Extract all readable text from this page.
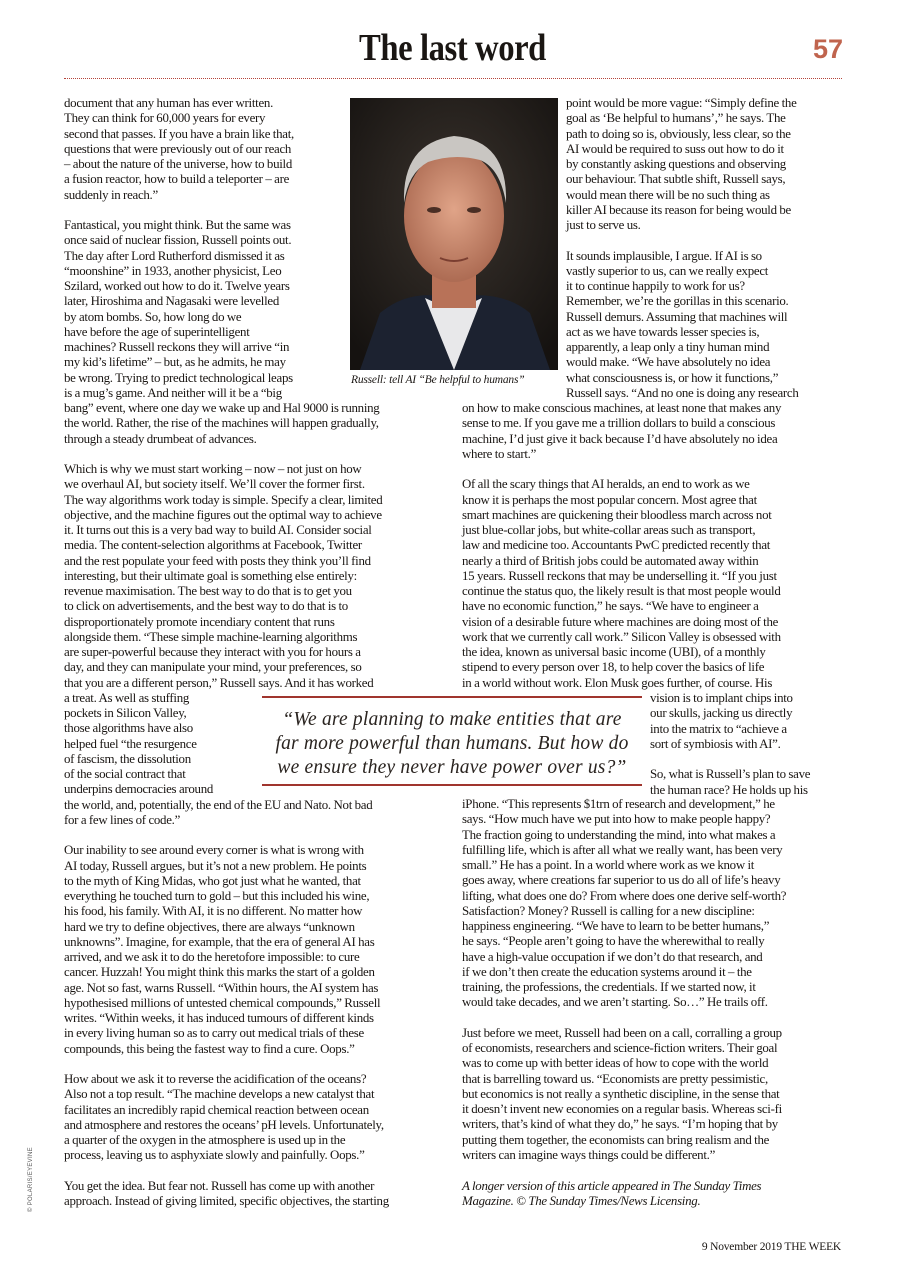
The last word	57
document that any human has ever written.
They can think for 60,000 years for every
second that passes. If you have a brain like that,
questions that were previously out of our reach
– about the nature of the universe, how to build
a fusion reactor, how to build a teleporter – are
suddenly in reach.”

Fantastical, you might think. But the same was
once said of nuclear fission, Russell points out.
The day after Lord Rutherford dismissed it as
“moonshine” in 1933, another physicist, Leo
Szilard, worked out how to do it. Twelve years
later, Hiroshima and Nagasaki were levelled
by atom bombs. So, how long do we
have before the age of superintelligent
machines? Russell reckons they will arrive “in
my kid’s lifetime” – but, as he admits, he may
be wrong. Trying to predict technological leaps
is a mug’s game. And neither will it be a “big
bang” event, where one day we wake up and Hal 9000 is running
the world. Rather, the rise of the machines will happen gradually,
through a steady drumbeat of advances.

Which is why we must start working – now – not just on how
we overhaul AI, but society itself. We’ll cover the former first.
The way algorithms work today is simple. Specify a clear, limited
objective, and the machine figures out the optimal way to achieve
it. It turns out this is a very bad way to build AI. Consider social
media. The content-selection algorithms at Facebook, Twitter
and the rest populate your feed with posts they think you’ll find
interesting, but their ultimate goal is something else entirely:
revenue maximisation. The best way to do that is to get you
to click on advertisements, and the best way to do that is to
disproportionately promote incendiary content that runs
alongside them. “These simple machine-learning algorithms
are super-powerful because they interact with you for hours a
day, and they can manipulate your mind, your preferences, so
that you are a different person,” Russell says. And it has worked
a treat. As well as stuffing
pockets in Silicon Valley,
those algorithms have also
helped fuel “the resurgence
of fascism, the dissolution
of the social contract that
underpins democracies around
the world, and, potentially, the end of the EU and Nato. Not bad
for a few lines of code.”

Our inability to see around every corner is what is wrong with
AI today, Russell argues, but it’s not a new problem. He points
to the myth of King Midas, who got just what he wanted, that
everything he touched turn to gold – but this included his wine,
his food, his family. With AI, it is no different. No matter how
hard we try to define objectives, there are always “unknown
unknowns”. Imagine, for example, that the era of general AI has
arrived, and we ask it to do the heretofore impossible: to cure
cancer. Huzzah! You might think this marks the start of a golden
age. Not so fast, warns Russell. “Within hours, the AI system has
hypothesised millions of untested chemical compounds,” Russell
writes. “Within weeks, it has induced tumours of different kinds
in every living human so as to carry out medical trials of these
compounds, this being the fastest way to find a cure. Oops.”

How about we ask it to reverse the acidification of the oceans?
Also not a top result. “The machine develops a new catalyst that
facilitates an incredibly rapid chemical reaction between ocean
and atmosphere and restores the oceans’ pH levels. Unfortunately,
a quarter of the oxygen in the atmosphere is used up in the
process, leaving us to asphyxiate slowly and painfully. Oops.”

You get the idea. But fear not. Russell has come up with another
approach. Instead of giving limited, specific objectives, the starting
Russell: tell AI “Be helpful to humans”
point would be more vague: “Simply define the
goal as ‘Be helpful to humans’,” he says. The
path to doing so is, obviously, less clear, so the
AI would be required to suss out how to do it
by constantly asking questions and observing
our behaviour. That subtle shift, Russell says,
would mean there will be no such thing as
killer AI because its reason for being would be
just to serve us.

It sounds implausible, I argue. If AI is so
vastly superior to us, can we really expect
it to continue happily to work for us?
Remember, we’re the gorillas in this scenario.
Russell demurs. Assuming that machines will
act as we have towards lesser species is,
apparently, a leap only a tiny human mind
would make. “We have absolutely no idea
what consciousness is, or how it functions,”
Russell says. “And no one is doing any research
on how to make conscious machines, at least none that makes any
sense to me. If you gave me a trillion dollars to build a conscious
machine, I’d just give it back because I’d have absolutely no idea
where to start.”

Of all the scary things that AI heralds, an end to work as we
know it is perhaps the most popular concern. Most agree that
smart machines are quickening their bloodless march across not
just blue-collar jobs, but white-collar areas such as transport,
law and medicine too. Accountants PwC predicted recently that
nearly a third of British jobs could be automated away within
15 years. Russell reckons that may be underselling it. “If you just
continue the status quo, the likely result is that most people would
have no economic function,” he says. “We have to engineer a
vision of a desirable future where machines are doing most of the
work that we currently call work.” Silicon Valley is obsessed with
the idea, known as universal basic income (UBI), of a monthly
stipend to every person over 18, to help cover the basics of life
in a world without work. Elon Musk goes further, of course. His
vision is to implant chips into
our skulls, jacking us directly
into the matrix to “achieve a
sort of symbiosis with AI”.

So, what is Russell’s plan to save
the human race? He holds up his
iPhone. “This represents $1trn of research and development,” he
says. “How much have we put into how to make people happy?
The fraction going to understanding the mind, into what makes a
fulfilling life, which is after all what we really want, has been very
small.” He has a point. In a world where work as we know it
goes away, where creations far superior to us do all of life’s heavy
lifting, what does one do? From where does one derive self-worth?
Satisfaction? Money? Russell is calling for a new discipline:
happiness engineering. “We have to learn to be better humans,”
he says. “People aren’t going to have the wherewithal to really
have a high-value occupation if we don’t do that research, and
if we don’t then create the education systems around it – the
training, the professions, the credentials. If we started now, it
would take decades, and we aren’t starting. So…” He trails off.

Just before we meet, Russell had been on a call, corralling a group
of economists, researchers and science-fiction writers. Their goal
was to come up with better ideas of how to cope with the world
that is barrelling toward us. “Economists are pretty pessimistic,
but economics is not really a synthetic discipline, in the sense that
it doesn’t invent new economies on a regular basis. Whereas sci-fi
writers, that’s kind of what they do,” he says. “I’m hoping that by
putting them together, the economists can bring realism and the
writers can imagine ways things could be different.”
A longer version of this article appeared in The Sunday Times
Magazine. © The Sunday Times/News Licensing.
“We are planning to make entities that are
far more powerful than humans. But how do
we ensure they never have power over us?”
© POLARIS/EYEVINE
9 November 2019 THE WEEK
